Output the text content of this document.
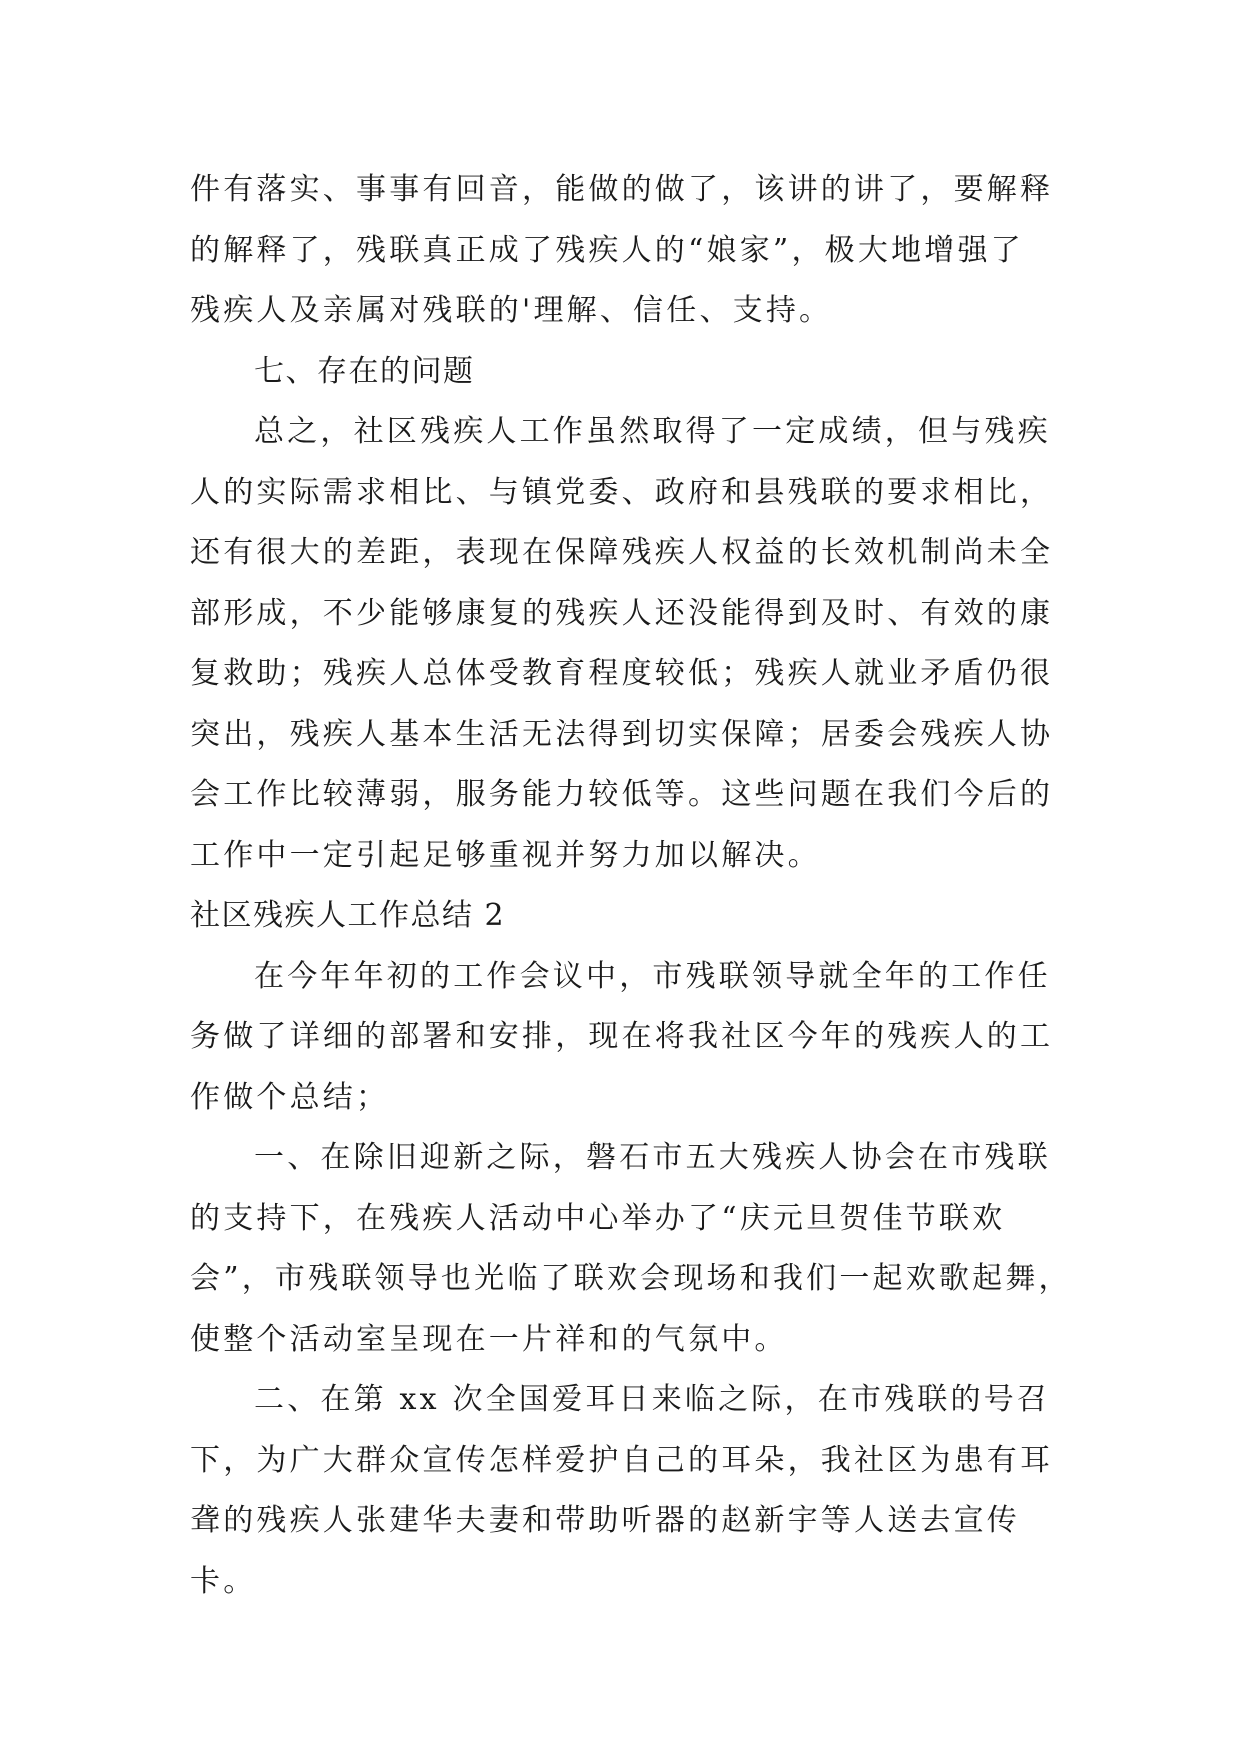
件有落实、事事有回音，能做的做了，该讲的讲了，要解释
的解释了，残联真正成了残疾人的“娘家”，极大地增强了
残疾人及亲属对残联的'理解、信任、支持。
七、存在的问题
总之，社区残疾人工作虽然取得了一定成绩，但与残疾
人的实际需求相比、与镇党委、政府和县残联的要求相比，
还有很大的差距，表现在保障残疾人权益的长效机制尚未全
部形成，不少能够康复的残疾人还没能得到及时、有效的康
复救助；残疾人总体受教育程度较低；残疾人就业矛盾仍很
突出，残疾人基本生活无法得到切实保障；居委会残疾人协
会工作比较薄弱，服务能力较低等。这些问题在我们今后的
工作中一定引起足够重视并努力加以解决。
社区残疾人工作总结 2
在今年年初的工作会议中，市残联领导就全年的工作任
务做了详细的部署和安排，现在将我社区今年的残疾人的工
作做个总结；
一、在除旧迎新之际，磐石市五大残疾人协会在市残联
的支持下，在残疾人活动中心举办了“庆元旦贺佳节联欢
会”，市残联领导也光临了联欢会现场和我们一起欢歌起舞，
使整个活动室呈现在一片祥和的气氛中。
二、在第 xx 次全国爱耳日来临之际，在市残联的号召
下，为广大群众宣传怎样爱护自己的耳朵，我社区为患有耳
聋的残疾人张建华夫妻和带助听器的赵新宇等人送去宣传
卡。
